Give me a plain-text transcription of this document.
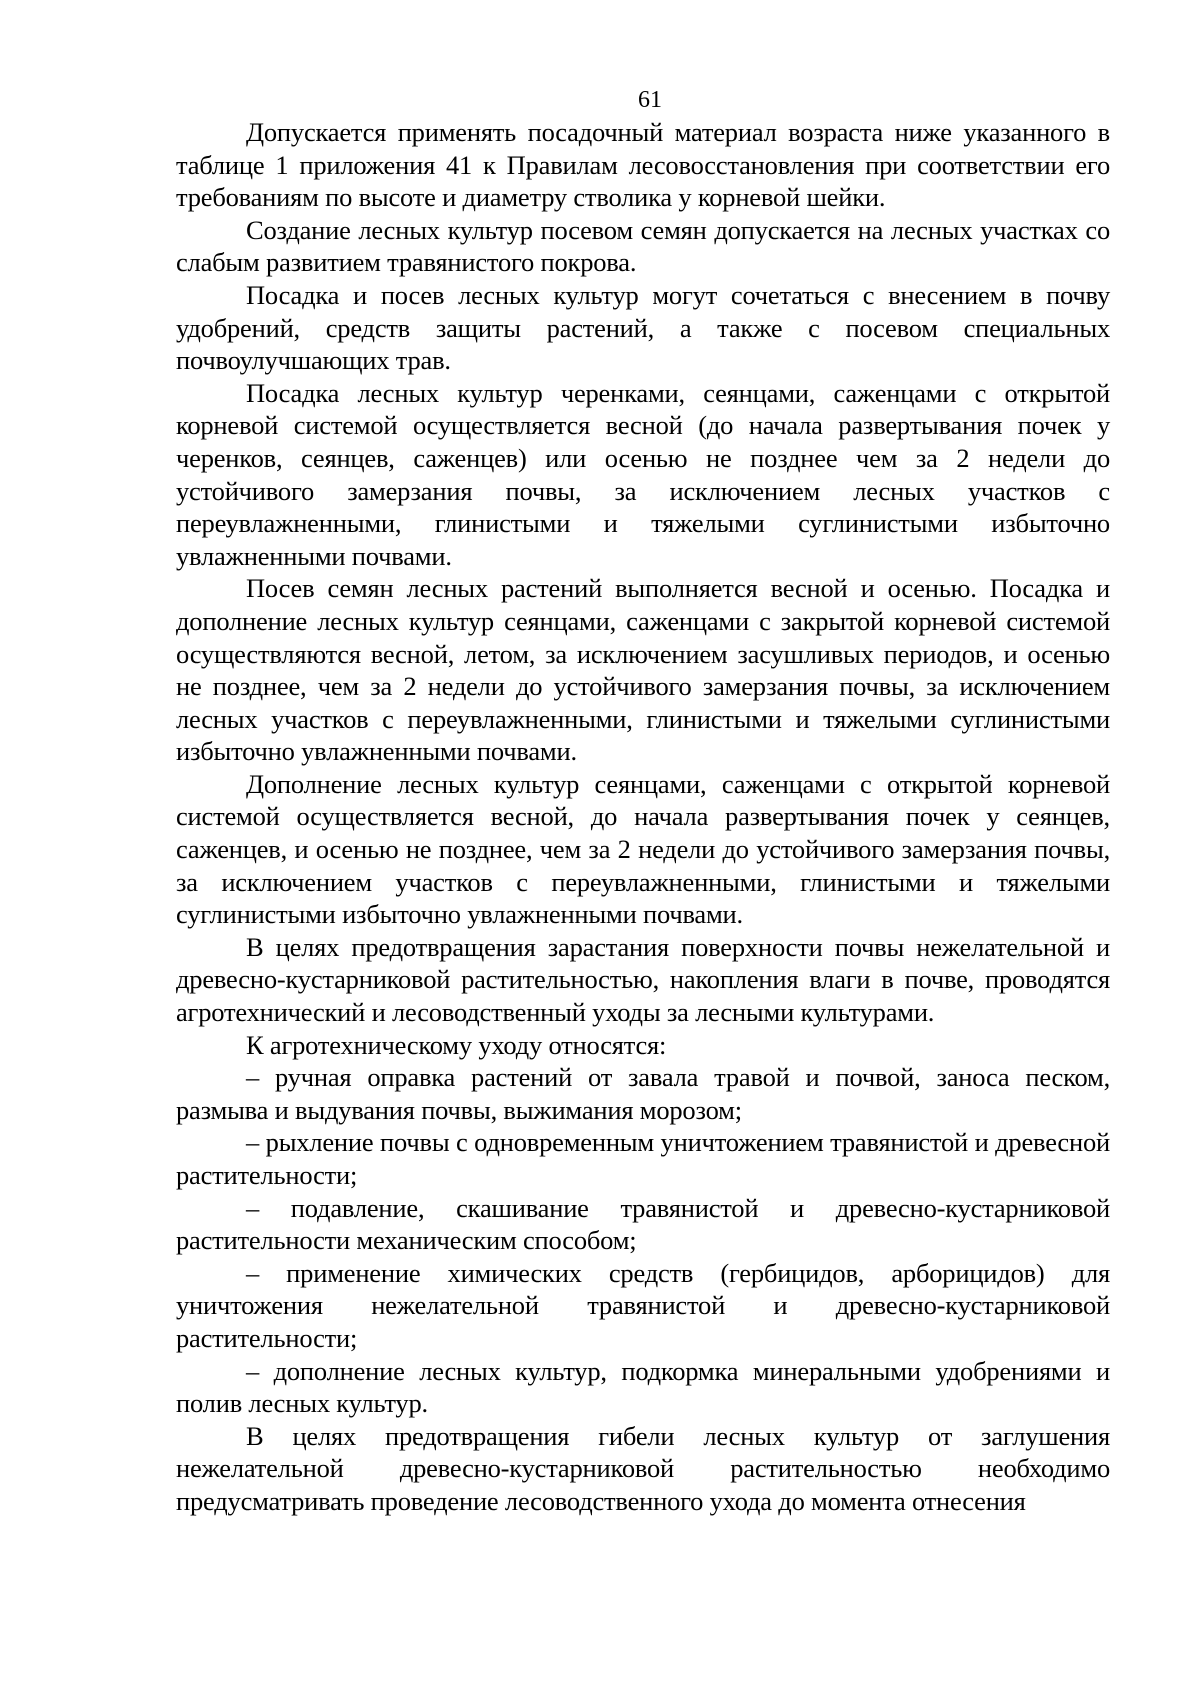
61

Допускается применять посадочный материал возраста ниже указанного в таблице 1 приложения 41 к Правилам лесовосстановления при соответствии его требованиям по высоте и диаметру стволика у корневой шейки.

Создание лесных культур посевом семян допускается на лесных участках со слабым развитием травянистого покрова.

Посадка и посев лесных культур могут сочетаться с внесением в почву удобрений, средств защиты растений, а также с посевом специальных почвоулучшающих трав.

Посадка лесных культур черенками, сеянцами, саженцами с открытой корневой системой осуществляется весной (до начала развертывания почек у черенков, сеянцев, саженцев) или осенью не позднее чем за 2 недели до устойчивого замерзания почвы, за исключением лесных участков с переувлажненными, глинистыми и тяжелыми суглинистыми избыточно увлажненными почвами.

Посев семян лесных растений выполняется весной и осенью. Посадка и дополнение лесных культур сеянцами, саженцами с закрытой корневой системой осуществляются весной, летом, за исключением засушливых периодов, и осенью не позднее, чем за 2 недели до устойчивого замерзания почвы, за исключением лесных участков с переувлажненными, глинистыми и тяжелыми суглинистыми избыточно увлажненными почвами.

Дополнение лесных культур сеянцами, саженцами с открытой корневой системой осуществляется весной, до начала развертывания почек у сеянцев, саженцев, и осенью не позднее, чем за 2 недели до устойчивого замерзания почвы, за исключением участков с переувлажненными, глинистыми и тяжелыми суглинистыми избыточно увлажненными почвами.

В целях предотвращения зарастания поверхности почвы нежелательной и древесно-кустарниковой растительностью, накопления влаги в почве, проводятся агротехнический и лесоводственный уходы за лесными культурами.

К агротехническому уходу относятся:

– ручная оправка растений от завала травой и почвой, заноса песком, размыва и выдувания почвы, выжимания морозом;

– рыхление почвы с одновременным уничтожением травянистой и древесной растительности;

– подавление, скашивание травянистой и древесно-кустарниковой растительности механическим способом;

– применение химических средств (гербицидов, арборицидов) для уничтожения нежелательной травянистой и древесно-кустарниковой растительности;

– дополнение лесных культур, подкормка минеральными удобрениями и полив лесных культур.

В целях предотвращения гибели лесных культур от заглушения нежелательной древесно-кустарниковой растительностью необходимо предусматривать проведение лесоводственного ухода до момента отнесения
